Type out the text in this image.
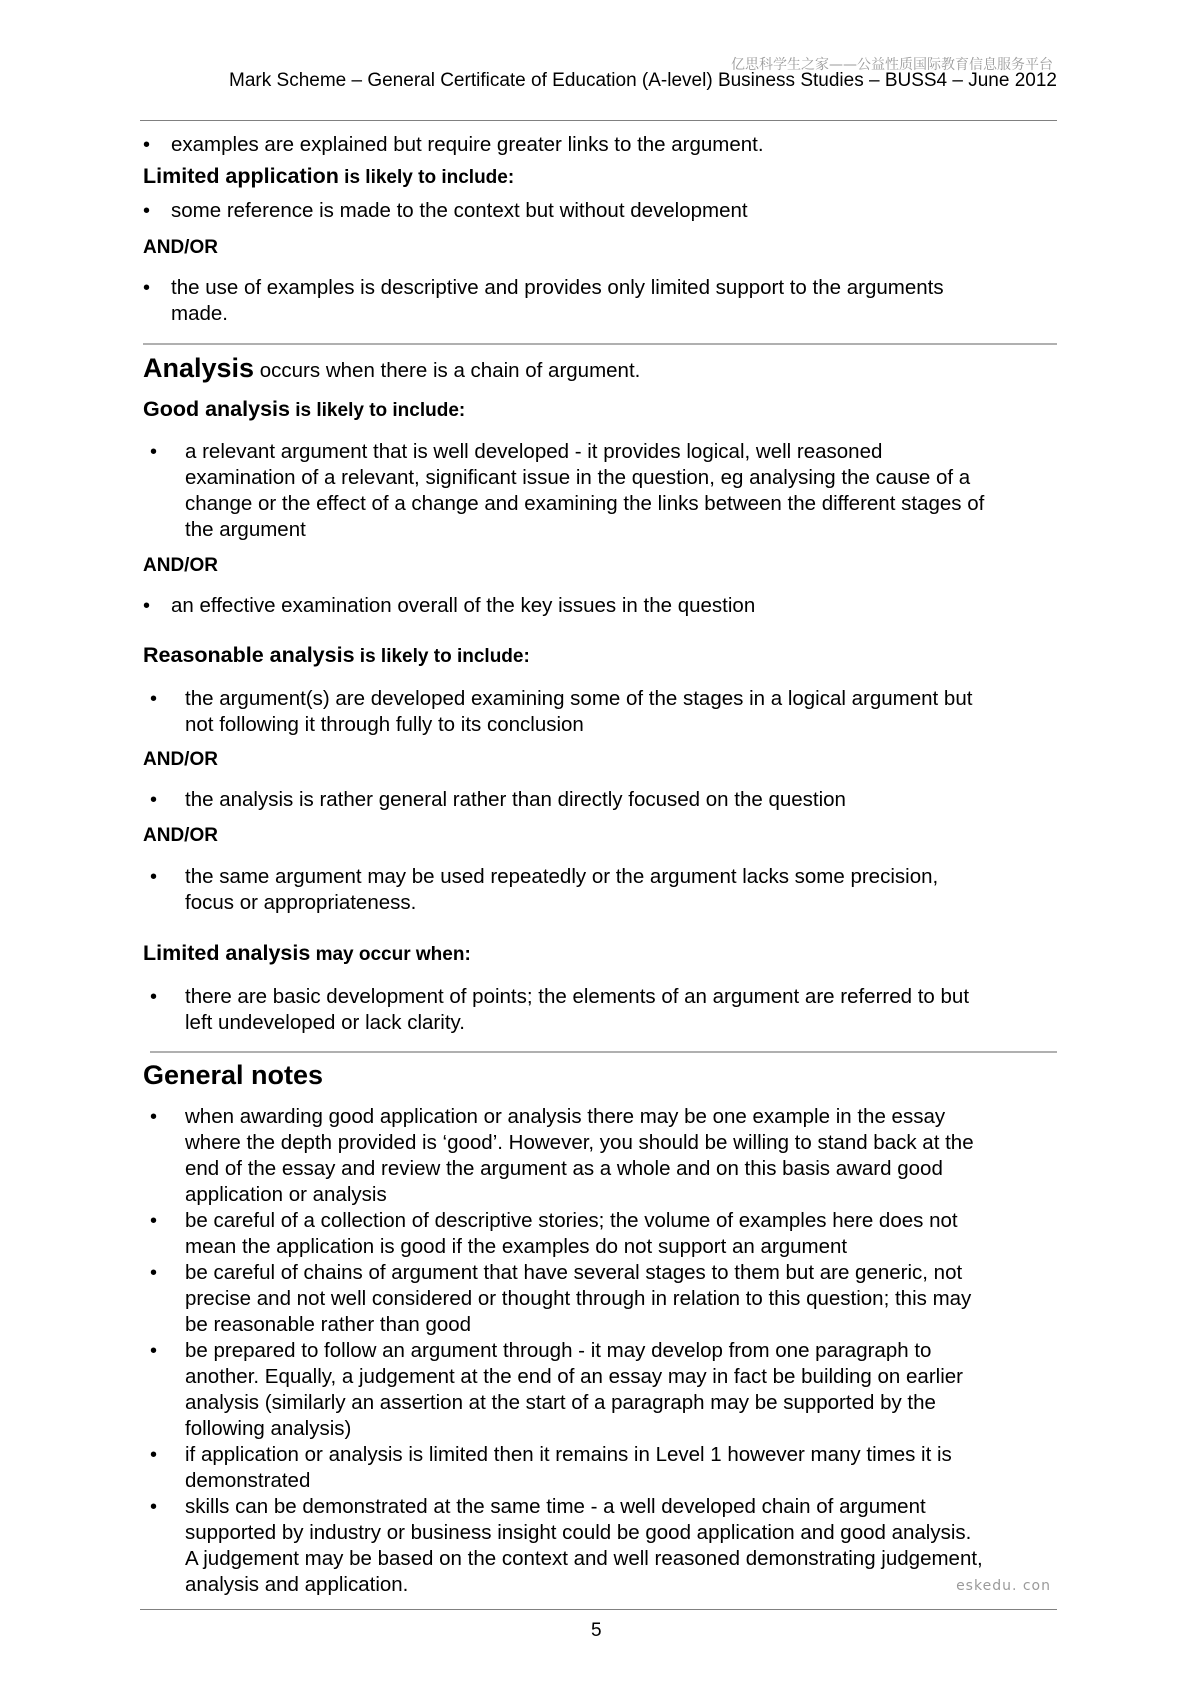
亿思科学生之家——公益性质国际教育信息服务平台
Mark Scheme – General Certificate of Education (A-level) Business Studies – BUSS4 – June 2012
• examples are explained but require greater links to the argument.
Limited application is likely to include:
• some reference is made to the context but without development
AND/OR
• the use of examples is descriptive and provides only limited support to the arguments
made.
Analysis occurs when there is a chain of argument.
Good analysis is likely to include:
• a relevant argument that is well developed - it provides logical, well reasoned
examination of a relevant, significant issue in the question, eg analysing the cause of a
change or the effect of a change and examining the links between the different stages of
the argument
AND/OR
• an effective examination overall of the key issues in the question
Reasonable analysis is likely to include:
• the argument(s) are developed examining some of the stages in a logical argument but
not following it through fully to its conclusion
AND/OR
• the analysis is rather general rather than directly focused on the question
AND/OR
• the same argument may be used repeatedly or the argument lacks some precision,
focus or appropriateness.
Limited analysis may occur when:
• there are basic development of points; the elements of an argument are referred to but
left undeveloped or lack clarity.
General notes
• when awarding good application or analysis there may be one example in the essay
where the depth provided is ‘good’. However, you should be willing to stand back at the
end of the essay and review the argument as a whole and on this basis award good
application or analysis
• be careful of a collection of descriptive stories; the volume of examples here does not
mean the application is good if the examples do not support an argument
• be careful of chains of argument that have several stages to them but are generic, not
precise and not well considered or thought through in relation to this question; this may
be reasonable rather than good
• be prepared to follow an argument through - it may develop from one paragraph to
another. Equally, a judgement at the end of an essay may in fact be building on earlier
analysis (similarly an assertion at the start of a paragraph may be supported by the
following analysis)
• if application or analysis is limited then it remains in Level 1 however many times it is
demonstrated
• skills can be demonstrated at the same time - a well developed chain of argument
supported by industry or business insight could be good application and good analysis.
A judgement may be based on the context and well reasoned demonstrating judgement,
analysis and application.	eskedu. con
5
